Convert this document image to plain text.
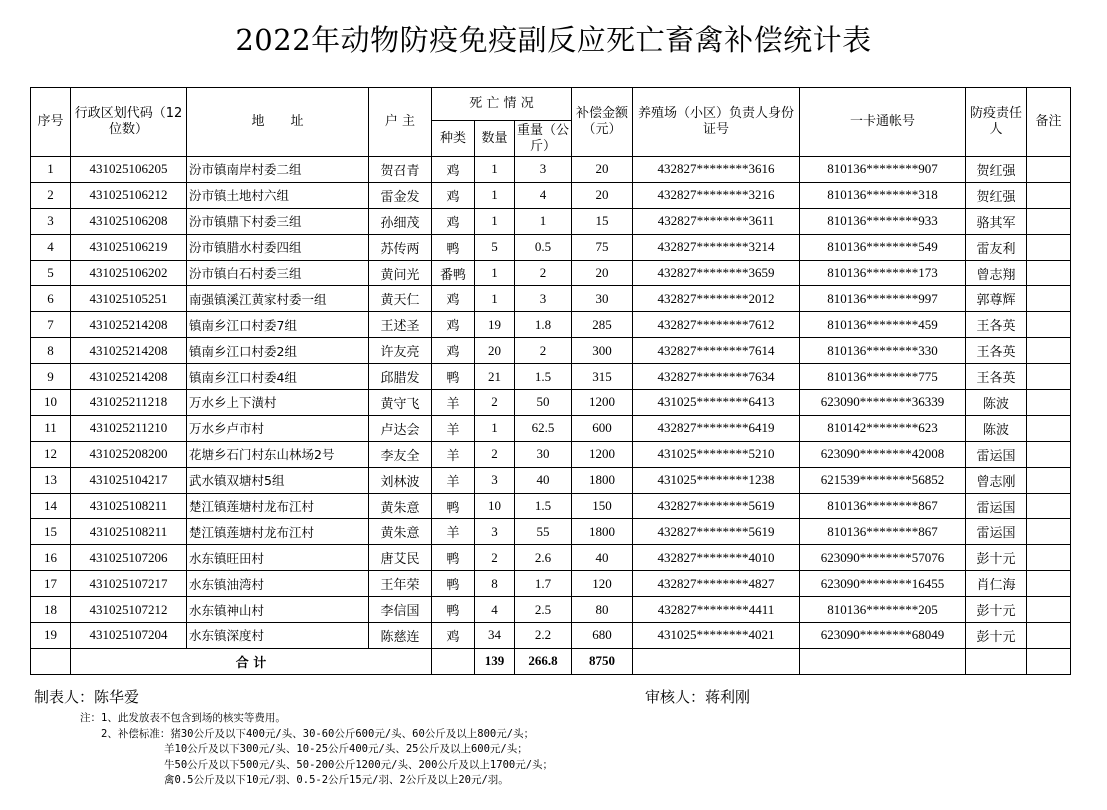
2022年动物防疫免疫副反应死亡畜禽补偿统计表
序号	行政区划代码（12位数）	地　　址	户 主	死 亡 情 况			补偿金额（元）	养殖场（小区）负责人身份证号	一卡通帐号	防疫责任人	备注
				种类	数量	重量（公斤）					
1	431025106205	汾市镇南岸村委二组	贺召青	鸡	1	3	20	432827********3616	810136********907	贺红强	
2	431025106212	汾市镇土地村六组	雷金发	鸡	1	4	20	432827********3216	810136********318	贺红强	
3	431025106208	汾市镇鼎下村委三组	孙细茂	鸡	1	1	15	432827********3611	810136********933	骆其军	
4	431025106219	汾市镇腊水村委四组	苏传两	鸭	5	0.5	75	432827********3214	810136********549	雷友利	
5	431025106202	汾市镇白石村委三组	黄问光	番鸭	1	2	20	432827********3659	810136********173	曾志翔	
6	431025105251	南强镇溪江黄家村委一组	黄天仁	鸡	1	3	30	432827********2012	810136********997	郭尊辉	
7	431025214208	镇南乡江口村委7组	王述圣	鸡	19	1.8	285	432827********7612	810136********459	王各英	
8	431025214208	镇南乡江口村委2组	许友亮	鸡	20	2	300	432827********7614	810136********330	王各英	
9	431025214208	镇南乡江口村委4组	邱腊发	鸭	21	1.5	315	432827********7634	810136********775	王各英	
10	431025211218	万水乡上下潢村	黄守飞	羊	2	50	1200	431025********6413	623090********36339	陈波	
11	431025211210	万水乡卢市村	卢达会	羊	1	62.5	600	432827********6419	810142********623	陈波	
12	431025208200	花塘乡石门村东山林场2号	李友全	羊	2	30	1200	431025********5210	623090********42008	雷运国	
13	431025104217	武水镇双塘村5组	刘林波	羊	3	40	1800	431025********1238	621539********56852	曾志刚	
14	431025108211	楚江镇莲塘村龙布江村	黄朱意	鸭	10	1.5	150	432827********5619	810136********867	雷运国	
15	431025108211	楚江镇莲塘村龙布江村	黄朱意	羊	3	55	1800	432827********5619	810136********867	雷运国	
16	431025107206	水东镇旺田村	唐艾民	鸭	2	2.6	40	432827********4010	623090********57076	彭十元	
17	431025107217	水东镇油湾村	王年荣	鸭	8	1.7	120	432827********4827	623090********16455	肖仁海	
18	431025107212	水东镇神山村	李信国	鸭	4	2.5	80	432827********4411	810136********205	彭十元	
19	431025107204	水东镇深度村	陈慈连	鸡	34	2.2	680	431025********4021	623090********68049	彭十元	
	合 计				139	266.8	8750				
制表人：陈华爱	审核人：蒋利刚
注：1、此发放表不包含到场的核实等费用。
　　2、补偿标准：猪30公斤及以下400元/头、30-60公斤600元/头、60公斤及以上800元/头；
　　　　　　　　羊10公斤及以下300元/头、10-25公斤400元/头、25公斤及以上600元/头；
　　　　　　　　牛50公斤及以下500元/头、50-200公斤1200元/头、200公斤及以上1700元/头；
　　　　　　　　禽0.5公斤及以下10元/羽、0.5-2公斤15元/羽、2公斤及以上20元/羽。
